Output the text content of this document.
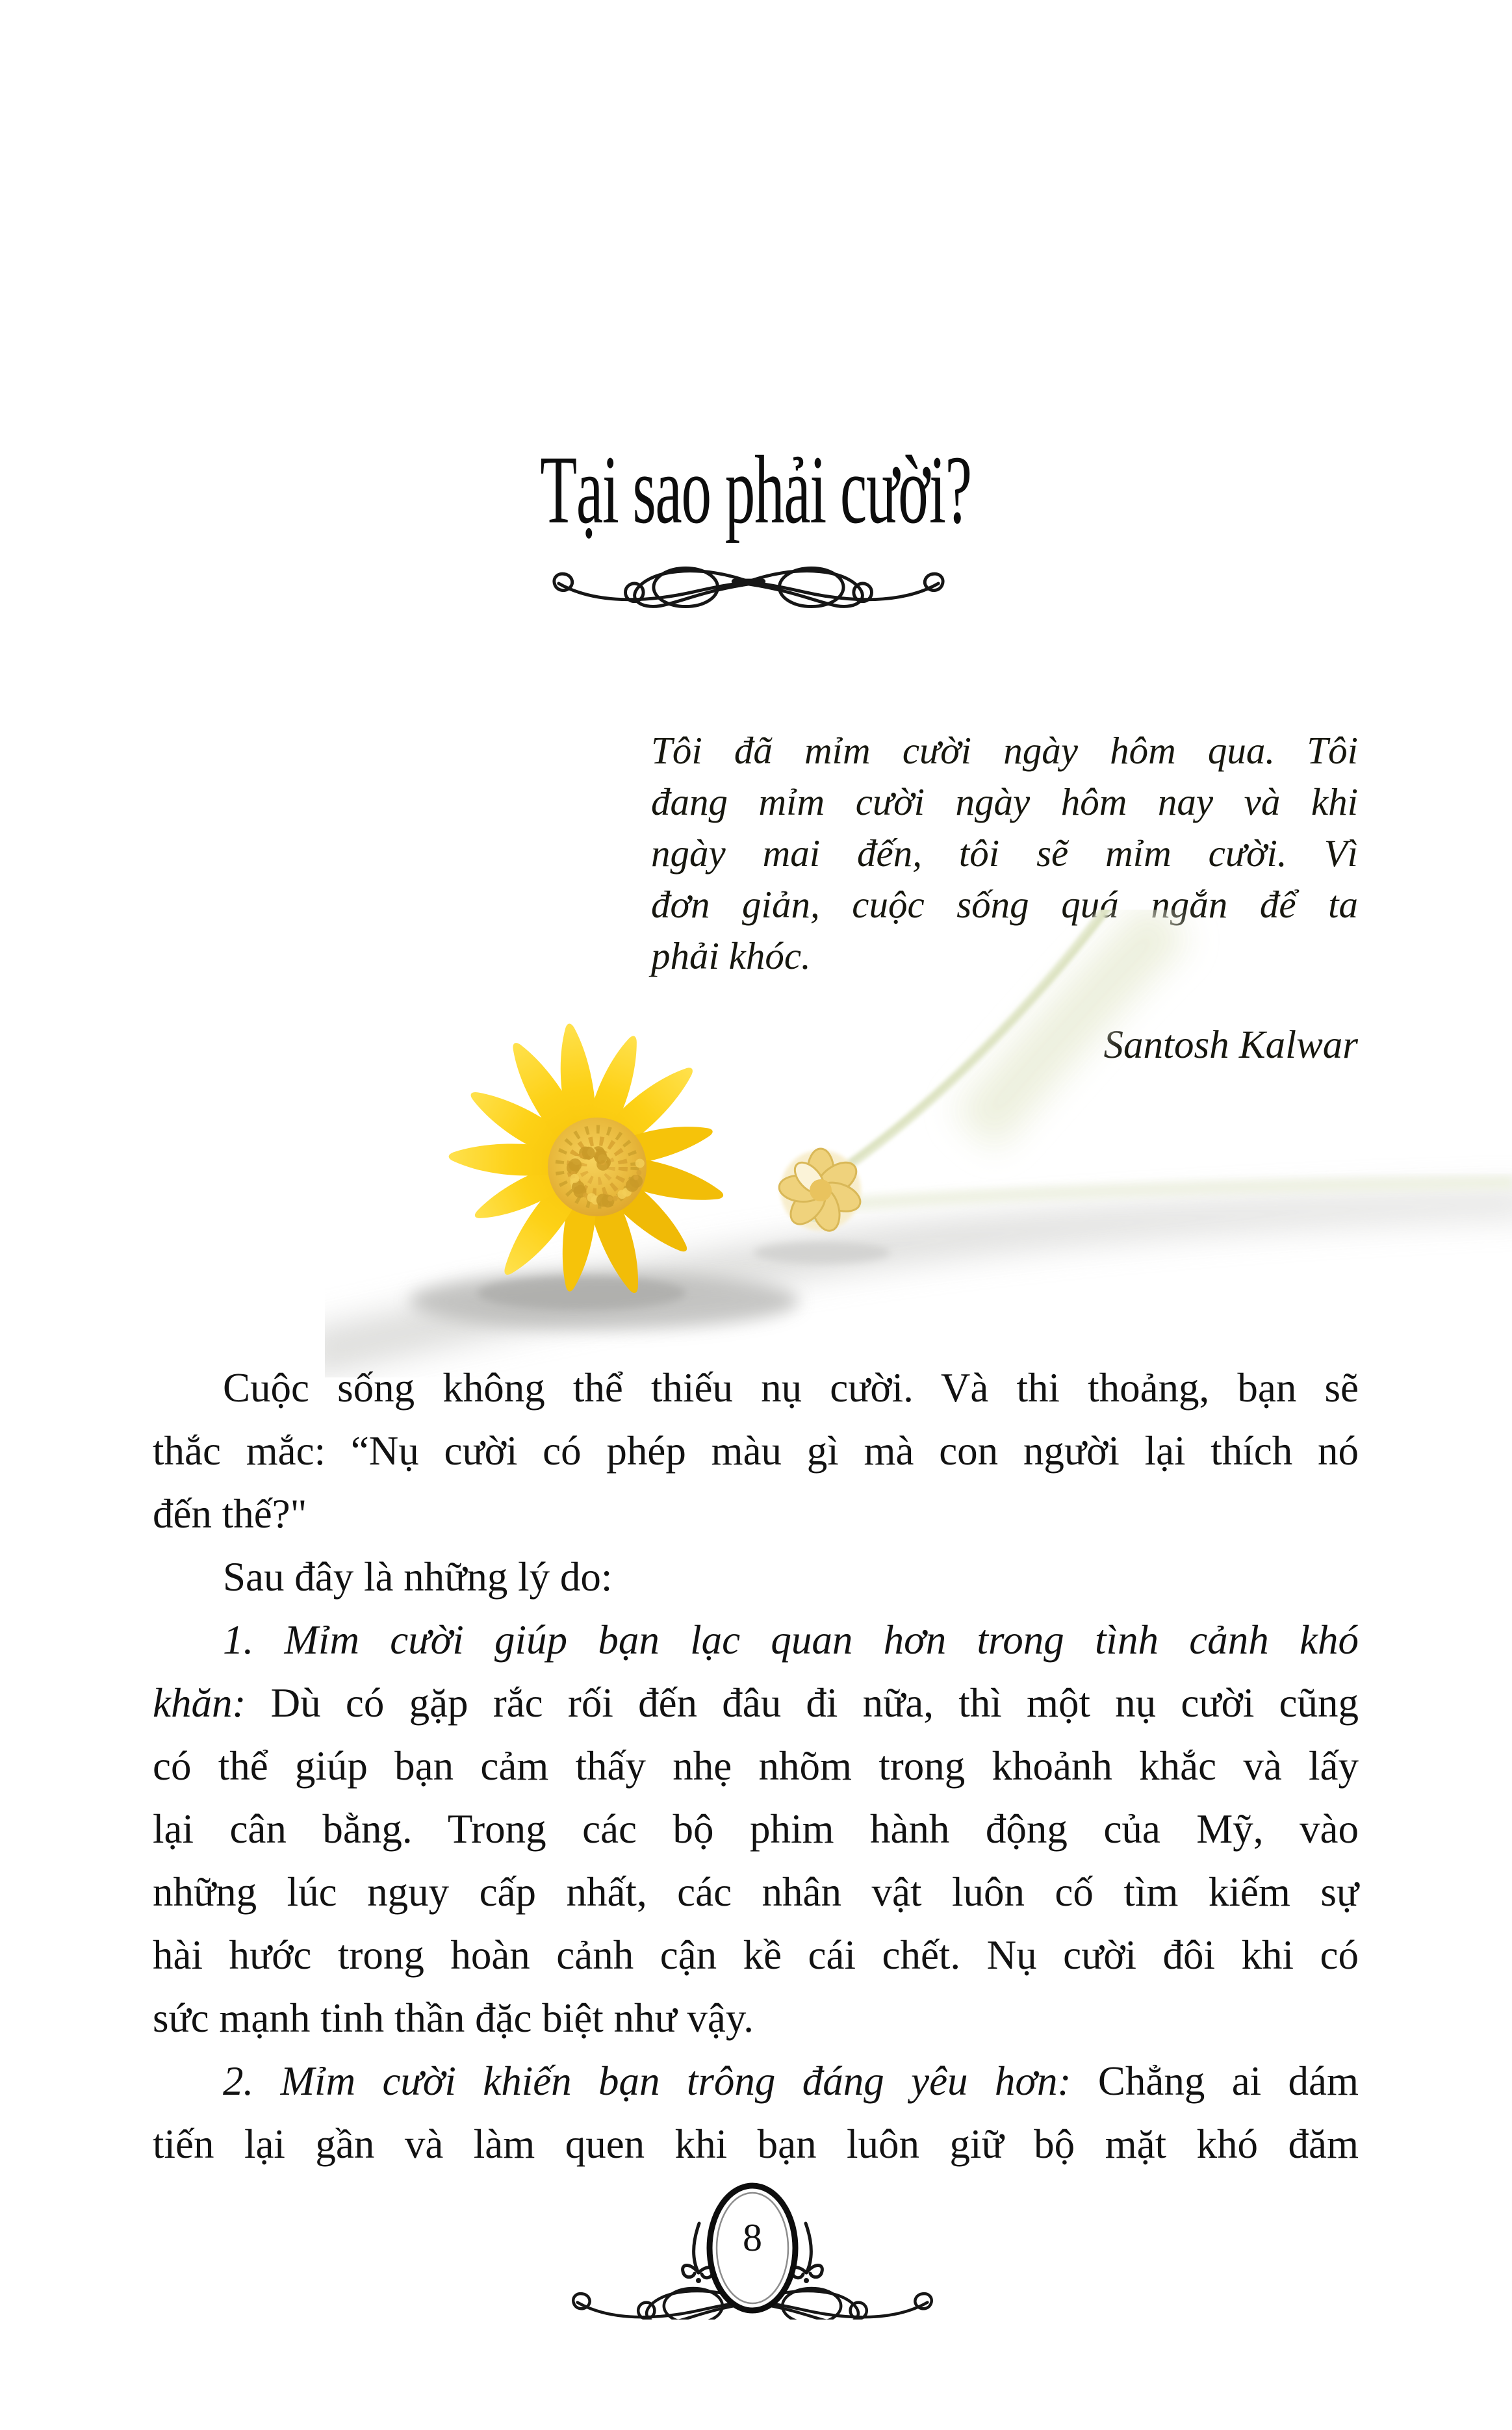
Tại sao phải cười?
Tôi đã mỉm cười ngày hôm qua. Tôi
đang mỉm cười ngày hôm nay và khi
ngày mai đến, tôi sẽ mỉm cười. Vì
đơn giản, cuộc sống quá ngắn để ta
phải khóc.
Santosh Kalwar
Cuộc sống không thể thiếu nụ cười. Và thi thoảng, bạn sẽ
thắc mắc: “Nụ cười có phép màu gì mà con người lại thích nó
đến thế?"
Sau đây là những lý do:
1. Mỉm cười giúp bạn lạc quan hơn trong tình cảnh khó
khăn: Dù có gặp rắc rối đến đâu đi nữa, thì một nụ cười cũng
có thể giúp bạn cảm thấy nhẹ nhõm trong khoảnh khắc và lấy
lại cân bằng. Trong các bộ phim hành động của Mỹ, vào
những lúc nguy cấp nhất, các nhân vật luôn cố tìm kiếm sự
hài hước trong hoàn cảnh cận kề cái chết. Nụ cười đôi khi có
sức mạnh tinh thần đặc biệt như vậy.
2. Mỉm cười khiến bạn trông đáng yêu hơn: Chẳng ai dám
tiến lại gần và làm quen khi bạn luôn giữ bộ mặt khó đăm
8
